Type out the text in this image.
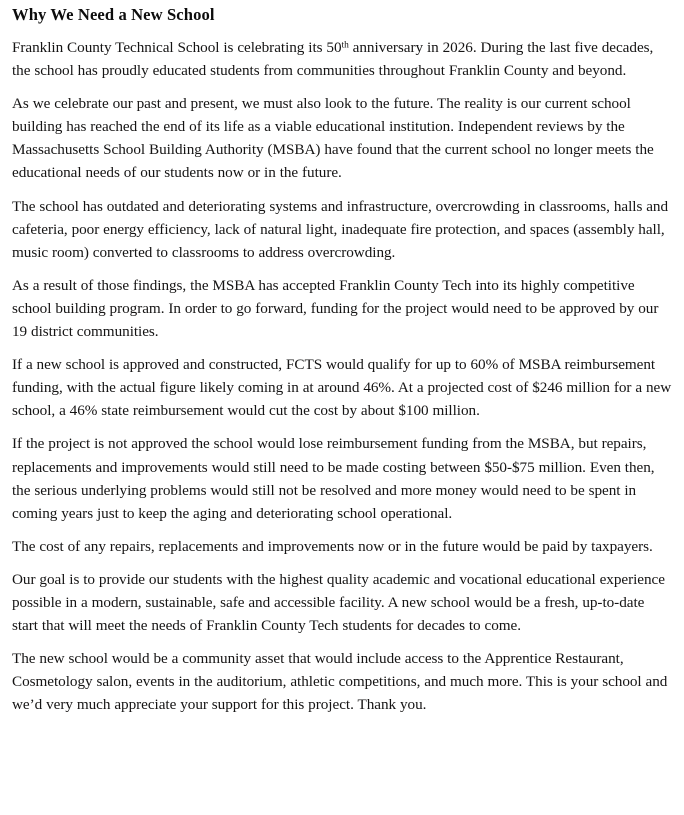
Why We Need a New School

Franklin County Technical School is celebrating its 50th anniversary in 2026. During the last five decades, the school has proudly educated students from communities throughout Franklin County and beyond.

As we celebrate our past and present, we must also look to the future. The reality is our current school building has reached the end of its life as a viable educational institution. Independent reviews by the Massachusetts School Building Authority (MSBA) have found that the current school no longer meets the educational needs of our students now or in the future.

The school has outdated and deteriorating systems and infrastructure, overcrowding in classrooms, halls and cafeteria, poor energy efficiency, lack of natural light, inadequate fire protection, and spaces (assembly hall, music room) converted to classrooms to address overcrowding.

As a result of those findings, the MSBA has accepted Franklin County Tech into its highly competitive school building program. In order to go forward, funding for the project would need to be approved by our 19 district communities.

If a new school is approved and constructed, FCTS would qualify for up to 60% of MSBA reimbursement funding, with the actual figure likely coming in at around 46%. At a projected cost of $246 million for a new school, a 46% state reimbursement would cut the cost by about $100 million.

If the project is not approved the school would lose reimbursement funding from the MSBA, but repairs, replacements and improvements would still need to be made costing between $50-$75 million. Even then, the serious underlying problems would still not be resolved and more money would need to be spent in coming years just to keep the aging and deteriorating school operational.

The cost of any repairs, replacements and improvements now or in the future would be paid by taxpayers.

Our goal is to provide our students with the highest quality academic and vocational educational experience possible in a modern, sustainable, safe and accessible facility. A new school would be a fresh, up-to-date start that will meet the needs of Franklin County Tech students for decades to come.

The new school would be a community asset that would include access to the Apprentice Restaurant, Cosmetology salon, events in the auditorium, athletic competitions, and much more. This is your school and we’d very much appreciate your support for this project. Thank you.
